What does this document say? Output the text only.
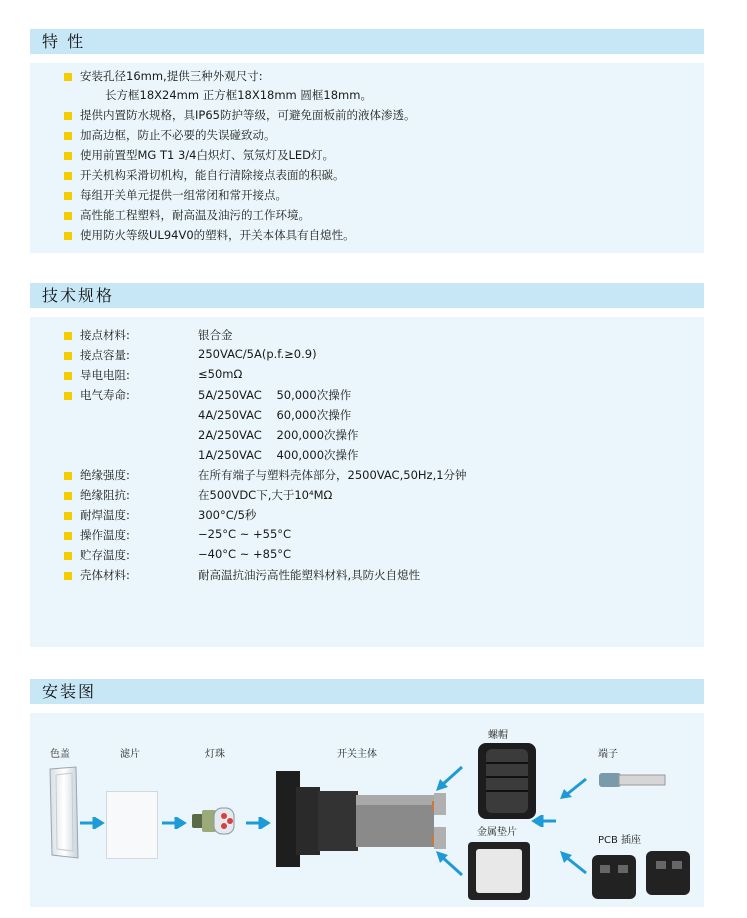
特 性
安装孔径16mm,提供三种外观尺寸:
长方框18X24mm 正方框18X18mm 圆框18mm。
提供内置防水规格，具IP65防护等级，可避免面板前的液体渗透。
加高边框，防止不必要的失误碰致动。
使用前置型MG T1 3/4白炽灯、氖氖灯及LED灯。
开关机构采滑切机构，能自行清除接点表面的积碳。
每组开关单元提供一组常闭和常开接点。
高性能工程塑料，耐高温及油污的工作环境。
使用防火等级UL94V0的塑料，开关本体具有自熄性。
技术规格
接点材料:	银合金
接点容量:	250VAC/5A(p.f.≥0.9)
导电电阻:	≤50mΩ
电气寿命:	5A/250VAC    50,000次操作
4A/250VAC    60,000次操作
2A/250VAC    200,000次操作
1A/250VAC    400,000次操作
绝缘强度:	在所有端子与塑料壳体部分，2500VAC,50Hz,1分钟
绝缘阻抗:	在500VDC下,大于10⁴MΩ
耐焊温度:	300°C/5秒
操作温度:	−25°C ~ +55°C
贮存温度:	−40°C ~ +85°C
壳体材料:	耐高温抗油污高性能塑料材料,具防火自熄性
安装图
色盖	滤片	灯珠	开关主体
螺帽
端子
金属垫片
PCB 插座
